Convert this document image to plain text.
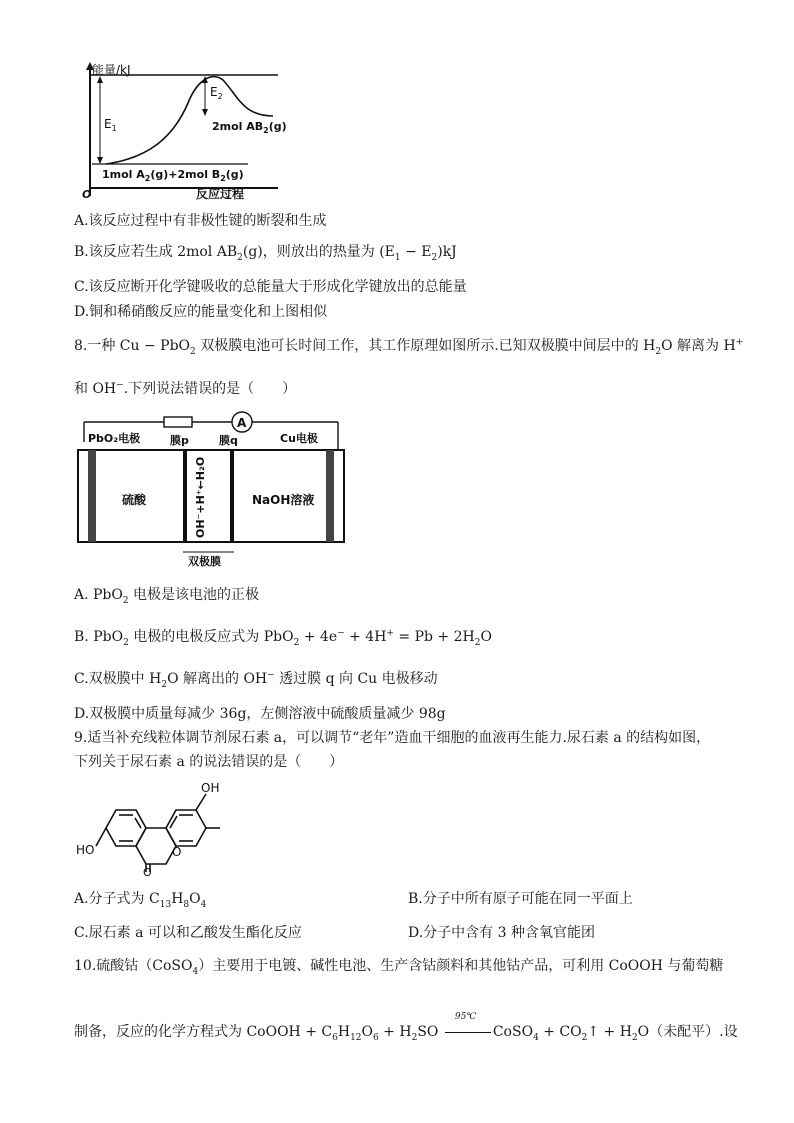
能量/kJ
$E_1$
$E_2$
2mol $AB_2(g)$
1mol $A_2(g)+2mol$ $B_2(g)$
O	反应过程
A.该反应过程中有非极性键的断裂和生成
B.该反应若生成 2mol $AB_2(g)$，则放出的热量为 $(E_1 - E_2)kJ$
C.该反应断开化学键吸收的总能量大于形成化学键放出的总能量
D.铜和稀硝酸反应的能量变化和上图相似
8.一种 Cu − PbO$_2$ 双极膜电池可长时间工作，其工作原理如图所示.已知双极膜中间层中的 $H_2O$ 解离为 H+
和 OH−.下列说法错误的是（　　）
A
PbO₂电极	膜p	膜q	Cu电极
硫酸	NaOH溶液
OH⁻+H⁺←H₂O
双极膜
A. PbO$_2$ 电极是该电池的正极
B. PbO$_2$ 电极的电极反应式为 $PbO_2 + 4e^- + 4H^+ = Pb + 2H_2O$
C.双极膜中 $H_2O$ 解离出的 OH− 透过膜 q 向 Cu 电极移动
D.双极膜中质量每减少 36g，左侧溶液中硫酸质量减少 98g
9.适当补充线粒体调节剂尿石素 a，可以调节“老年”造血干细胞的血液再生能力.尿石素 a 的结构如图，
下列关于尿石素 a 的说法错误的是（　　）
HO
OH
O
O
A.分子式为 $C_{13}H_8O_4$	B.分子中所有原子可能在同一平面上
C.尿石素 a 可以和乙酸发生酯化反应	D.分子中含有 3 种含氧官能团
10.硫酸钴（CoSO$_4$）主要用于电镀、碱性电池、生产含钴颜料和其他钴产品，可利用 CoOOH 与葡萄糖
制备，反应的化学方程式为 CoOOH + $C_6H_{12}O_6 + H_2SO$
95℃
CoSO$_4$ + $CO_2↑ + H_2O$（未配平）.设
